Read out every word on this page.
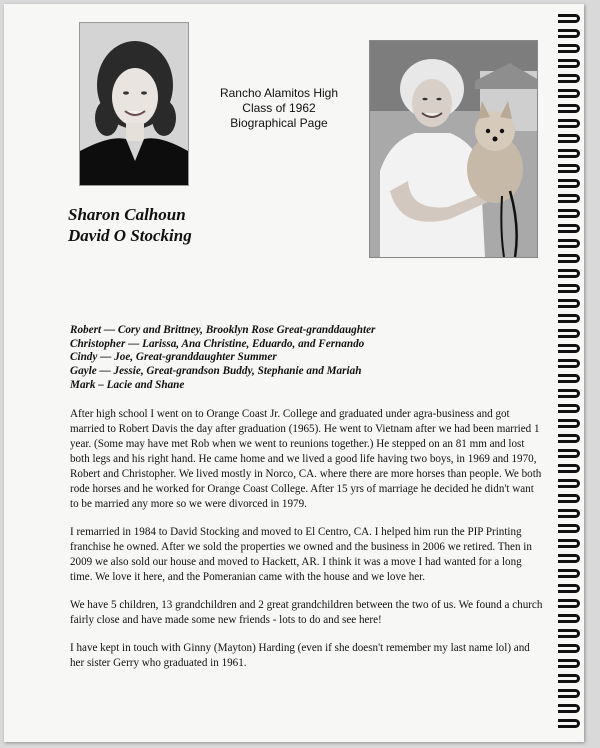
Rancho Alamitos High
Class of 1962
Biographical Page
Sharon Calhoun
David O Stocking
Robert — Cory and Brittney, Brooklyn Rose Great-granddaughter
Christopher — Larissa, Ana Christine, Eduardo, and Fernando
Cindy — Joe, Great-granddaughter Summer
Gayle — Jessie, Great-grandson Buddy, Stephanie and Mariah
Mark – Lacie and Shane

After high school I went on to Orange Coast Jr. College and graduated under agra-business and got married to Robert Davis the day after graduation (1965). He went to Vietnam after we had been married 1 year. (Some may have met Rob when we went to reunions together.) He stepped on an 81 mm and lost both legs and his right hand. He came home and we lived a good life having two boys, in 1969 and 1970, Robert and Christopher. We lived mostly in Norco, CA. where there are more horses than people. We both rode horses and he worked for Orange Coast College. After 15 yrs of marriage he decided he didn't want to be married any more so we were divorced in 1979.

I remarried in 1984 to David Stocking and moved to El Centro, CA. I helped him run the PIP Printing franchise he owned. After we sold the properties we owned and the business in 2006 we retired. Then in 2009 we also sold our house and moved to Hackett, AR. I think it was a move I had wanted for a long time. We love it here, and the Pomeranian came with the house and we love her.

We have 5 children, 13 grandchildren and 2 great grandchildren between the two of us. We found a church fairly close and have made some new friends - lots to do and see here!

I have kept in touch with Ginny (Mayton) Harding (even if she doesn't remember my last name lol) and her sister Gerry who graduated in 1961.
